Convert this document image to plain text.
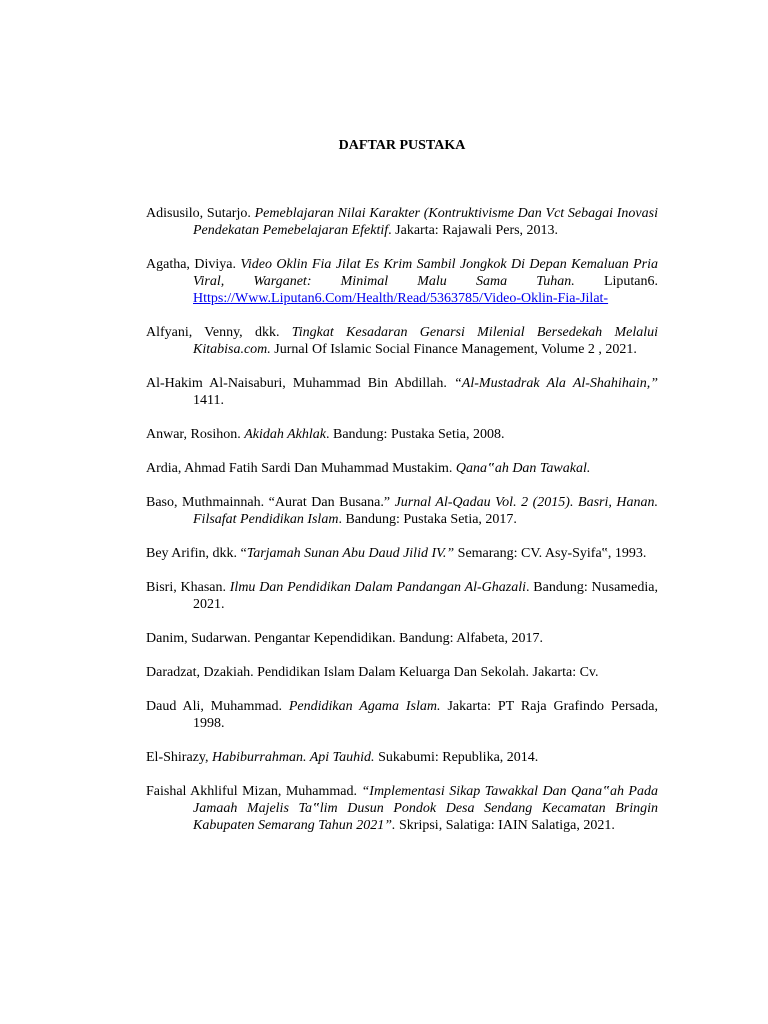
DAFTAR PUSTAKA

Adisusilo, Sutarjo. Pemeblajaran Nilai Karakter (Kontruktivisme Dan Vct Sebagai Inovasi Pendekatan Pemebelajaran Efektif. Jakarta: Rajawali Pers, 2013.

Agatha, Diviya. Video Oklin Fia Jilat Es Krim Sambil Jongkok Di Depan Kemaluan Pria Viral, Warganet: Minimal Malu Sama Tuhan. Liputan6. Https://Www.Liputan6.Com/Health/Read/5363785/Video-Oklin-Fia-Jilat-

Alfyani, Venny, dkk. Tingkat Kesadaran Genarsi Milenial Bersedekah Melalui Kitabisa.com. Jurnal Of Islamic Social Finance Management, Volume 2 , 2021.

Al-Hakim Al-Naisaburi, Muhammad Bin Abdillah. “Al-Mustadrak Ala Al-Shahihain,” 1411.

Anwar, Rosihon. Akidah Akhlak. Bandung: Pustaka Setia, 2008.

Ardia, Ahmad Fatih Sardi Dan Muhammad Mustakim. Qana‟ah Dan Tawakal.

Baso, Muthmainnah. “Aurat Dan Busana.” Jurnal Al-Qadau Vol. 2 (2015). Basri, Hanan. Filsafat Pendidikan Islam. Bandung: Pustaka Setia, 2017.

Bey Arifin, dkk. “Tarjamah Sunan Abu Daud Jilid IV.” Semarang: CV. Asy-Syifa‟, 1993.

Bisri, Khasan. Ilmu Dan Pendidikan Dalam Pandangan Al-Ghazali. Bandung: Nusamedia, 2021.

Danim, Sudarwan. Pengantar Kependidikan. Bandung: Alfabeta, 2017.

Daradzat, Dzakiah. Pendidikan Islam Dalam Keluarga Dan Sekolah. Jakarta: Cv.

Daud Ali, Muhammad. Pendidikan Agama Islam. Jakarta: PT Raja Grafindo Persada, 1998.

El-Shirazy, Habiburrahman. Api Tauhid. Sukabumi: Republika, 2014.

Faishal Akhliful Mizan, Muhammad. “Implementasi Sikap Tawakkal Dan Qana‟ah Pada Jamaah Majelis Ta‟lim Dusun Pondok Desa Sendang Kecamatan Bringin Kabupaten Semarang Tahun 2021”. Skripsi, Salatiga: IAIN Salatiga, 2021.
